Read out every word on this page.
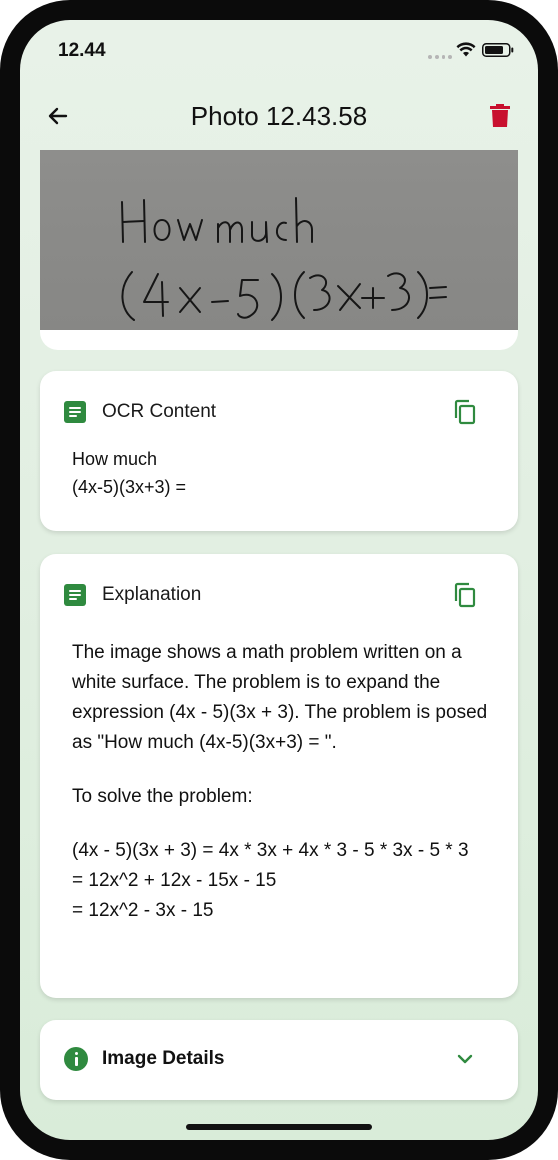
12.44
Photo 12.43.58
OCR Content
How much
(4x-5)(3x+3) =
Explanation

The image shows a math problem written on a white surface. The problem is to expand the expression (4x - 5)(3x + 3). The problem is posed as "How much (4x-5)(3x+3) = ".

To solve the problem:

(4x - 5)(3x + 3) = 4x * 3x + 4x * 3 - 5 * 3x - 5 * 3
= 12x^2 + 12x - 15x - 15
= 12x^2 - 3x - 15
Image Details
